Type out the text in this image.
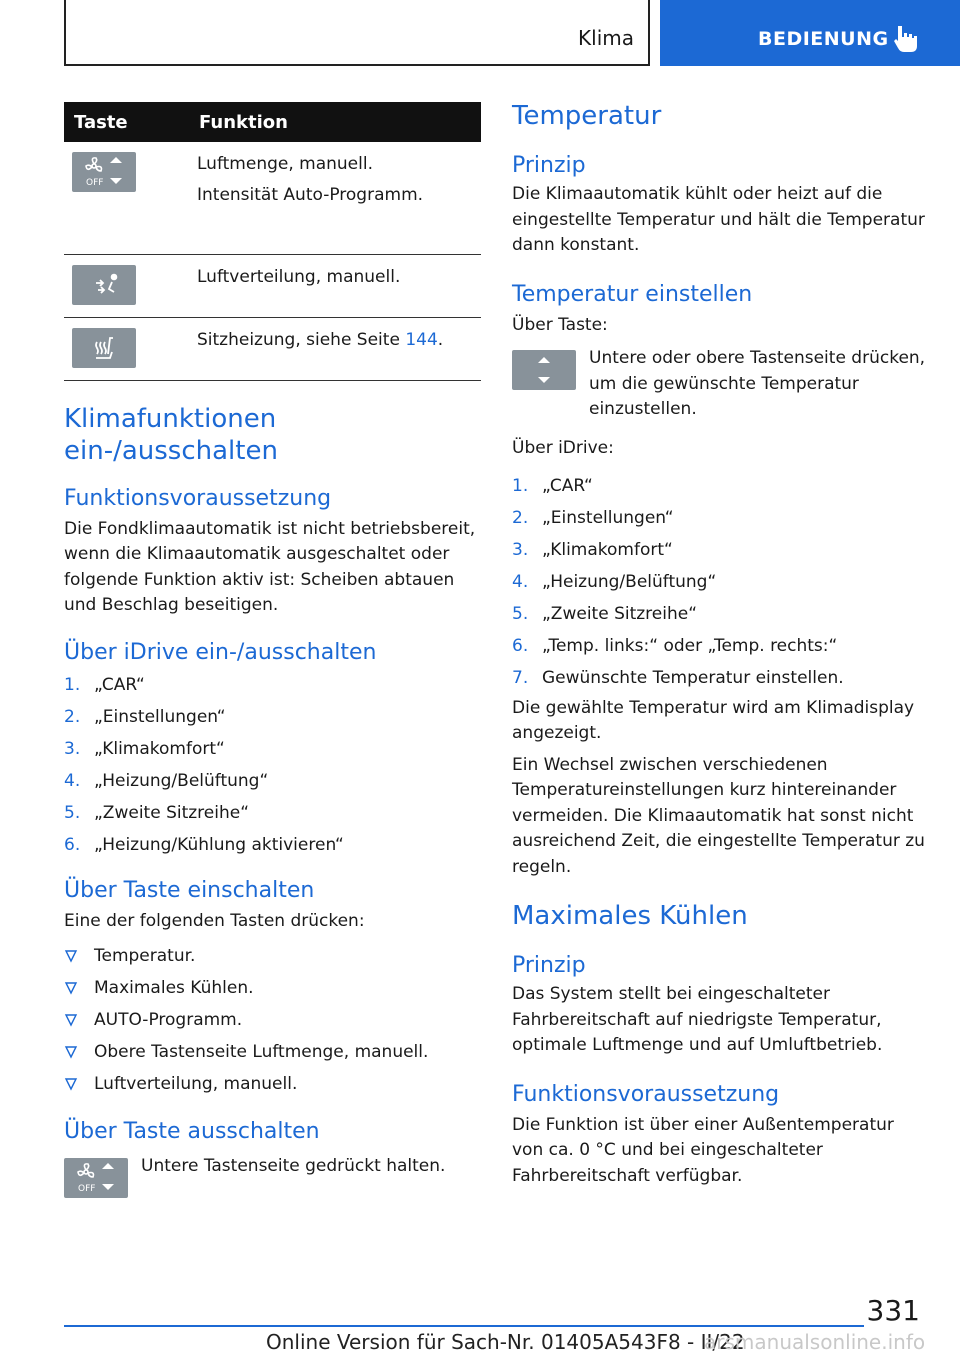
Klima	BEDIENUNG
Taste	Funktion

OFF	Luftmenge, manuell.

Intensität Auto-Programm.

Luftverteilung, manuell.

Sitzheizung, siehe Seite 144.

Klimafunktionen ein-/ausschalten
Funktionsvoraussetzung

Die Fondklimaautomatik ist nicht betriebsbereit, wenn die Klimaautomatik ausgeschaltet oder folgende Funktion aktiv ist: Scheiben abtauen und Beschlag beseitigen.

Über iDrive ein-/ausschalten
1. „CAR“
2. „Einstellungen“
3. „Klimakomfort“
4. „Heizung/Belüftung“
5. „Zweite Sitzreihe“
6. „Heizung/Kühlung aktivieren“
Über Taste einschalten

Eine der folgenden Tasten drücken:

Temperatur.
Maximales Kühlen.
AUTO-Programm.
Obere Tastenseite Luftmenge, manuell.
Luftverteilung, manuell.
Über Taste ausschalten
OFF

Untere Tastenseite gedrückt halten.

Temperatur
Prinzip

Die Klimaautomatik kühlt oder heizt auf die eingestellte Temperatur und hält die Temperatur dann konstant.

Temperatur einstellen

Über Taste:

Untere oder obere Tastenseite drücken, um die gewünschte Temperatur einzustellen.

Über iDrive:

1. „CAR“
2. „Einstellungen“
3. „Klimakomfort“
4. „Heizung/Belüftung“
5. „Zweite Sitzreihe“
6. „Temp. links:“ oder „Temp. rechts:“
7. Gewünschte Temperatur einstellen.

Die gewählte Temperatur wird am Klimadisplay angezeigt.

Ein Wechsel zwischen verschiedenen Temperatureinstellungen kurz hintereinander vermeiden. Die Klimaautomatik hat sonst nicht ausreichend Zeit, die eingestellte Temperatur zu regeln.

Maximales Kühlen
Prinzip

Das System stellt bei eingeschalteter Fahrbereitschaft auf niedrigste Temperatur, optimale Luftmenge und auf Umluftbetrieb.

Funktionsvoraussetzung

Die Funktion ist über einer Außentemperatur von ca. 0 °C und bei eingeschalteter Fahrbereitschaft verfügbar.

331
Online Version für Sach-Nr. 01405A543F8 - II/22
arsmanualsonline.info
